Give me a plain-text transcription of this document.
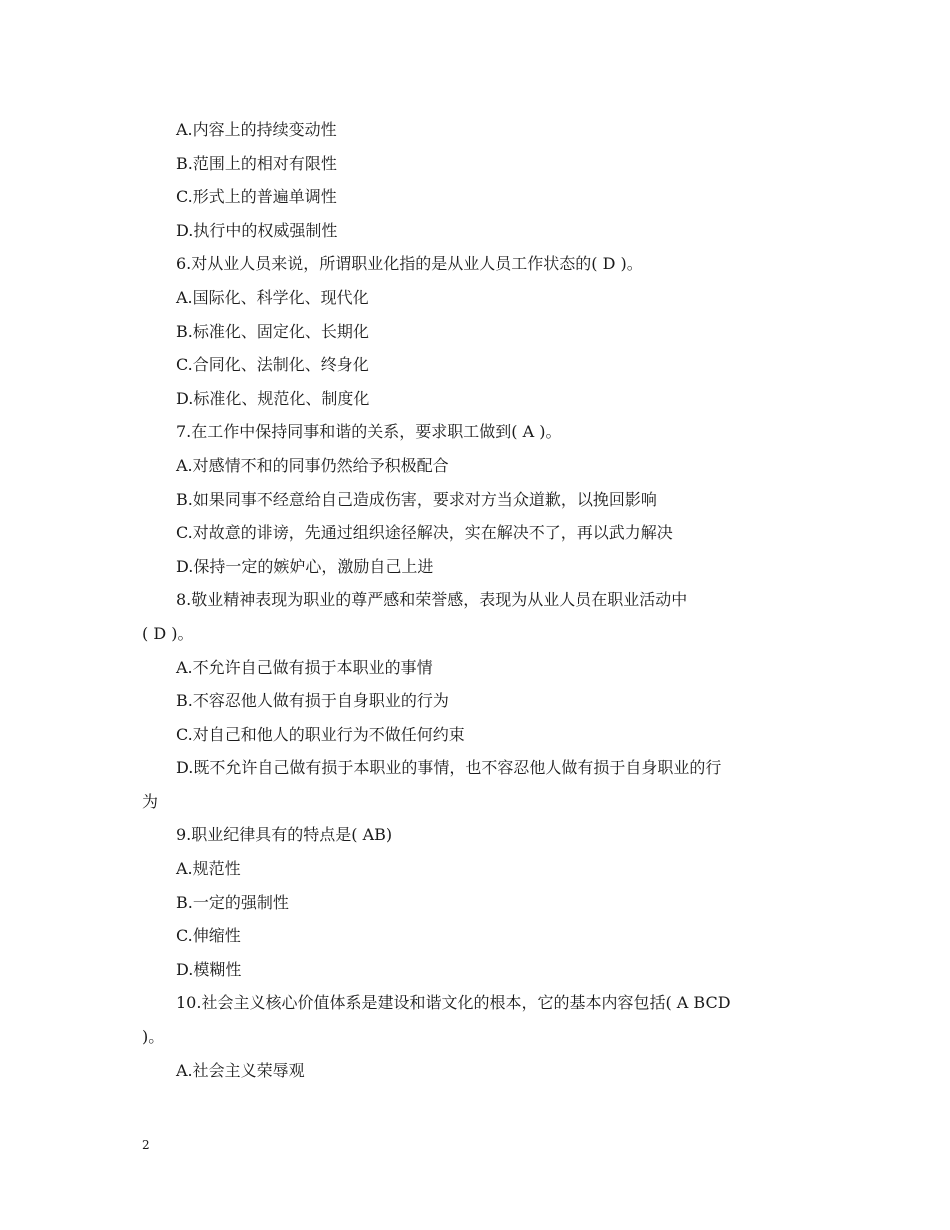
A.内容上的持续变动性
B.范围上的相对有限性
C.形式上的普遍单调性
D.执行中的权威强制性
6.对从业人员来说，所谓职业化指的是从业人员工作状态的( D )。
A.国际化、科学化、现代化
B.标准化、固定化、长期化
C.合同化、法制化、终身化
D.标准化、规范化、制度化
7.在工作中保持同事和谐的关系，要求职工做到( A )。
A.对感情不和的同事仍然给予积极配合
B.如果同事不经意给自己造成伤害，要求对方当众道歉，以挽回影响
C.对故意的诽谤，先通过组织途径解决，实在解决不了，再以武力解决
D.保持一定的嫉妒心，激励自己上进
8.敬业精神表现为职业的尊严感和荣誉感，表现为从业人员在职业活动中
( D )。
A.不允许自己做有损于本职业的事情
B.不容忍他人做有损于自身职业的行为
C.对自己和他人的职业行为不做任何约束
D.既不允许自己做有损于本职业的事情，也不容忍他人做有损于自身职业的行
为
9.职业纪律具有的特点是( AB)
A.规范性
B.一定的强制性
C.伸缩性
D.模糊性
10.社会主义核心价值体系是建设和谐文化的根本，它的基本内容包括( A BCD
)。
A.社会主义荣辱观
2
